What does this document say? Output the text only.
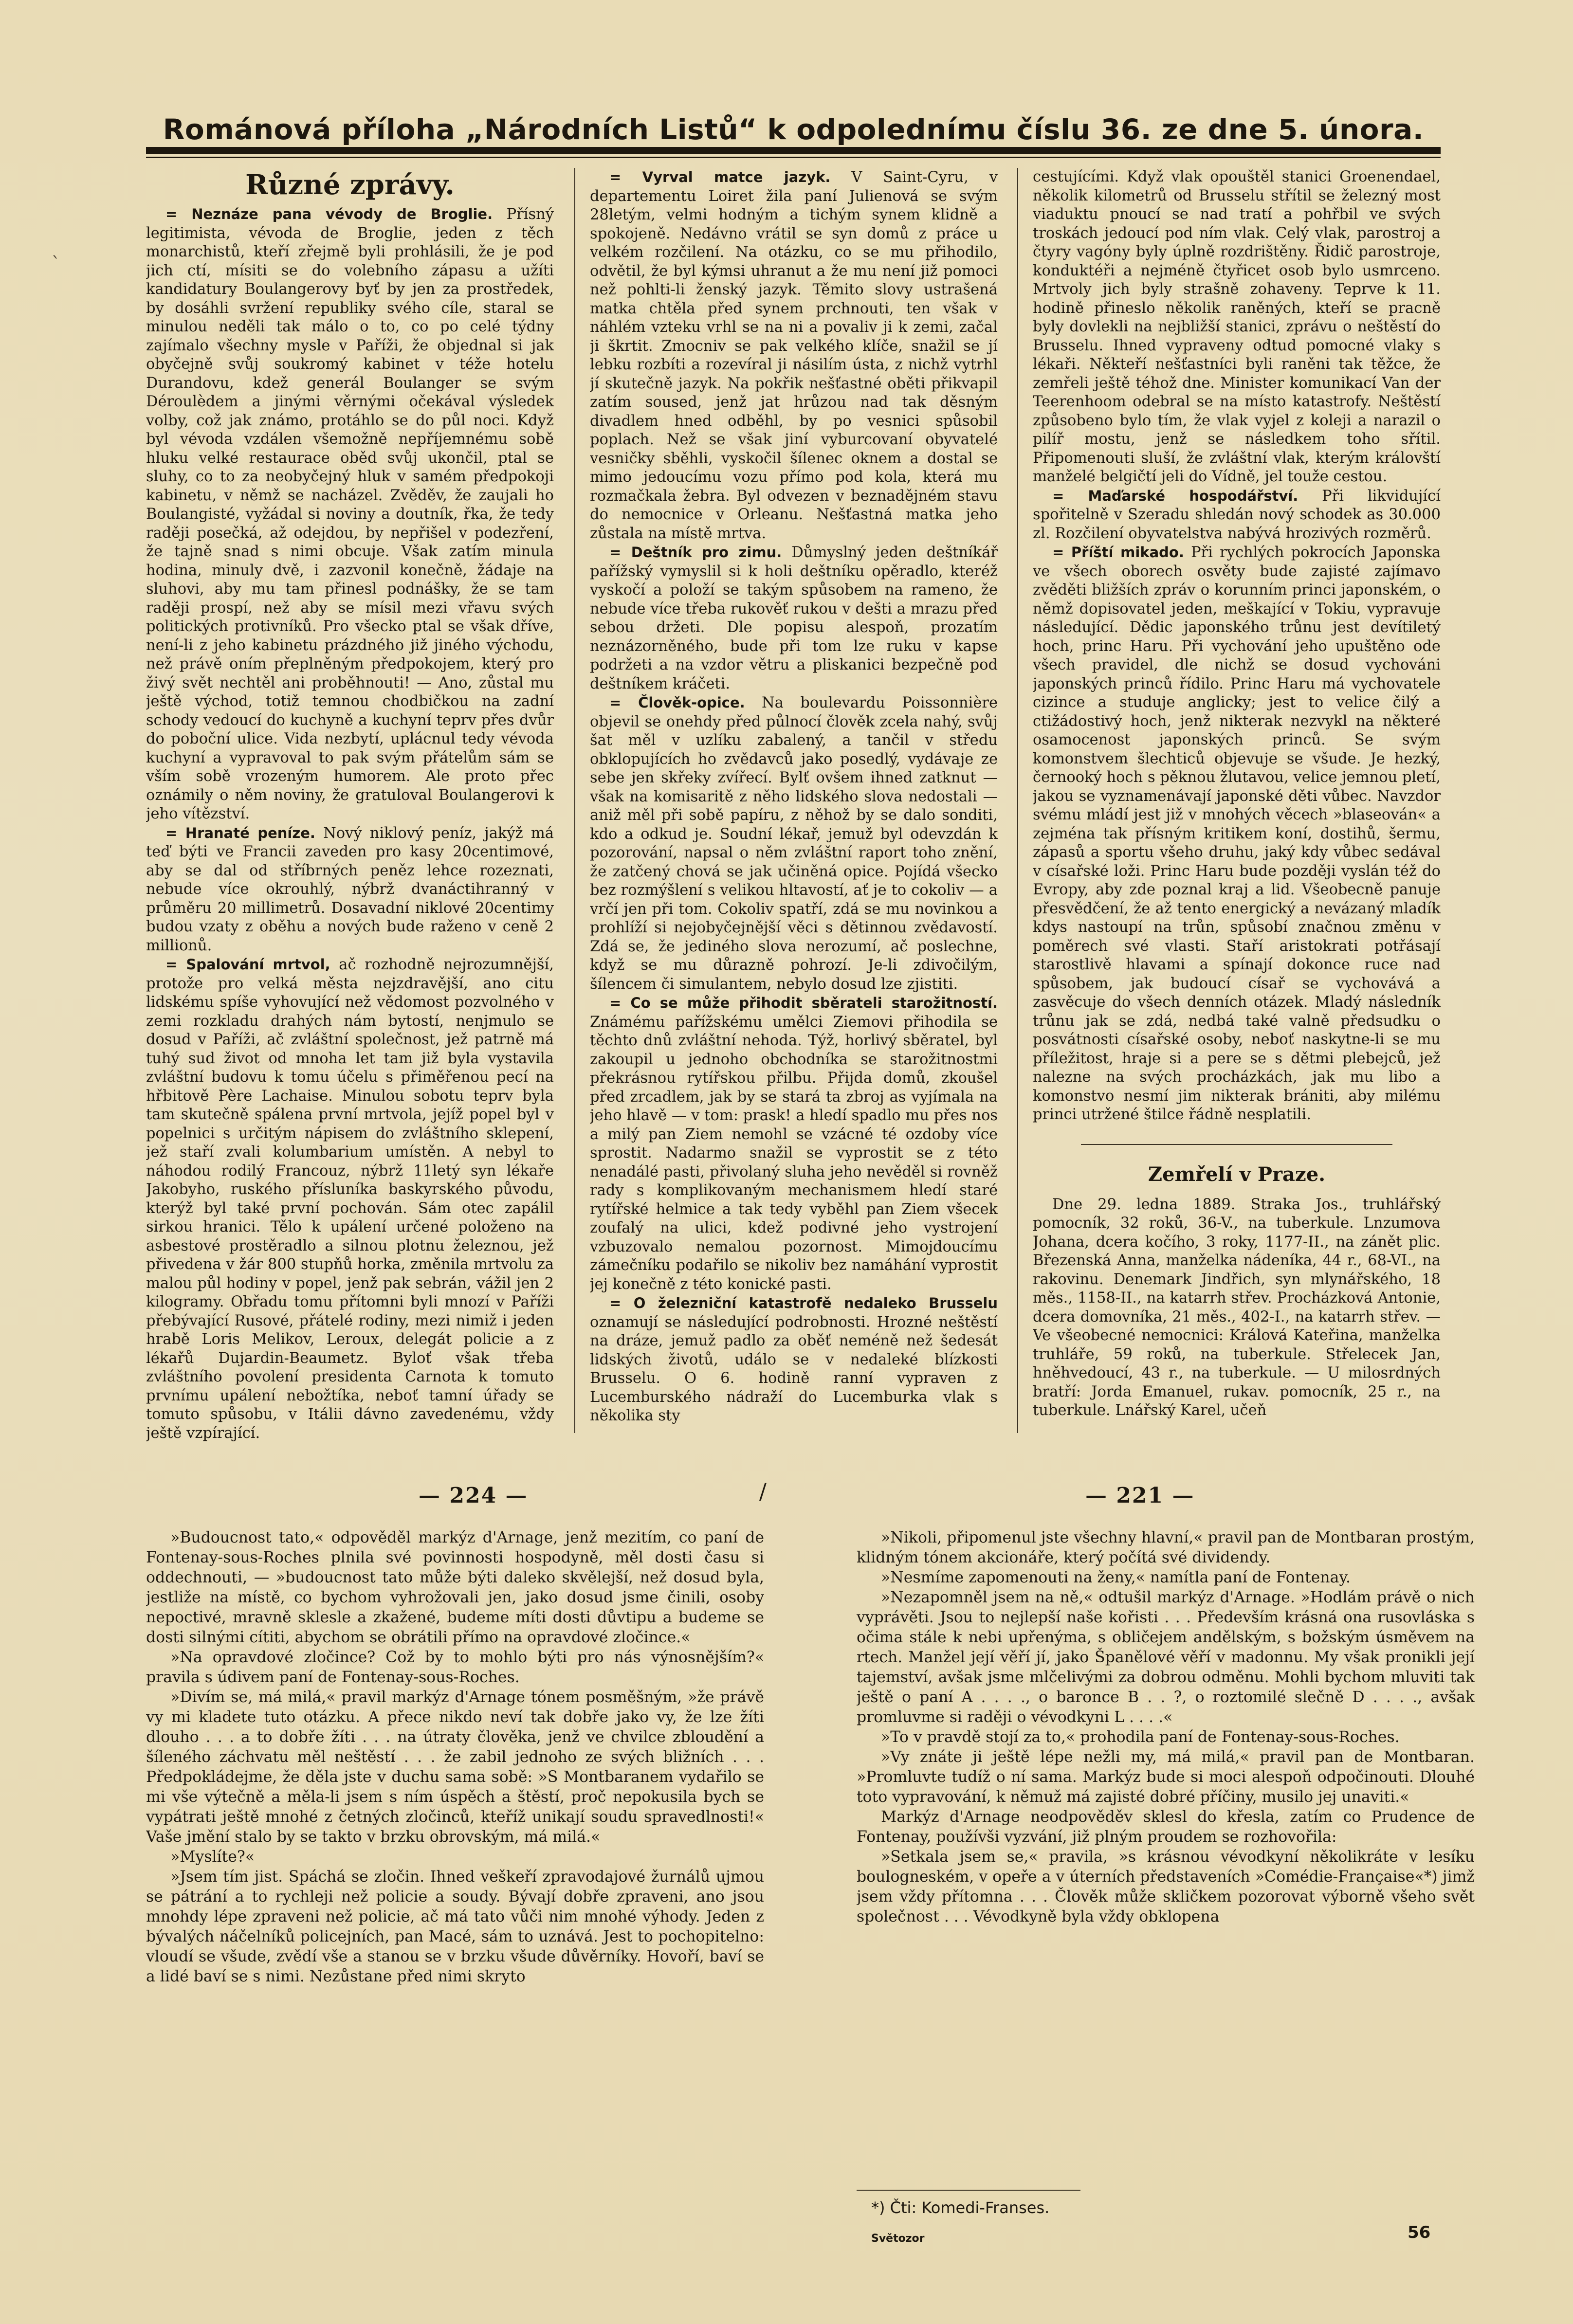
Románová příloha „Národních Listů“ k odpolednímu číslu 36. ze dne 5. února.
`
Různé zprávy.

= Neznáze pana vévody de Broglie. Přísný legitimista, vévoda de Broglie, jeden z těch monarchistů, kteří zřejmě byli prohlásili, že je pod jich ctí, mísiti se do volebního zápasu a užíti kandidatury Boulangerovy byť by jen za prostředek, by dosáhli svržení republiky svého cíle, staral se minulou neděli tak málo o to, co po celé týdny zajímalo všechny mysle v Paříži, že objednal si jak obyčejně svůj soukromý kabinet v téže hotelu Durandovu, kdež generál Boulanger se svým Déroulèdem a jinými věrnými očekával výsledek volby, což jak známo, protáhlo se do půl noci. Když byl vévoda vzdálen všemožně nepříjemnému sobě hluku velké restaurace oběd svůj ukončil, ptal se sluhy, co to za neobyčejný hluk v samém předpokoji kabinetu, v němž se nacházel. Zvěděv, že zaujali ho Boulangisté, vyžádal si noviny a doutník, řka, že tedy raději posečká, až odejdou, by nepřišel v podezření, že tajně snad s nimi obcuje. Však zatím minula hodina, minuly dvě, i zazvonil konečně, žádaje na sluhovi, aby mu tam přinesl podnášky, že se tam raději prospí, než aby se mísil mezi vřavu svých politických protivníků. Pro všecko ptal se však dříve, není-li z jeho kabinetu prázdného již jiného východu, než právě oním přeplněným předpokojem, který pro živý svět nechtěl ani proběhnouti! — Ano, zůstal mu ještě východ, totiž temnou chodbičkou na zadní schody vedoucí do kuchyně a kuchyní teprv přes dvůr do poboční ulice. Vida nezbytí, uplácnul tedy vévoda kuchyní a vypravoval to pak svým přátelům sám se vším sobě vrozeným humorem. Ale proto přec oznámily o něm noviny, že gratuloval Boulangerovi k jeho vítězství.

= Hranaté peníze. Nový niklový peníz, jakýž má teď býti ve Francii zaveden pro kasy 20centimové, aby se dal od stříbrných peněz lehce rozeznati, nebude více okrouhlý, nýbrž dvanáctihranný v průměru 20 millimetrů. Dosavadní niklové 20centimy budou vzaty z oběhu a nových bude raženo v ceně 2 millionů.

= Spalování mrtvol, ač rozhodně nejrozumnější, protože pro velká města nejzdravější, ano citu lidskému spíše vyhovující než vědomost pozvolného v zemi rozkladu drahých nám bytostí, nenjmulo se dosud v Paříži, ač zvláštní společnost, jež patrně má tuhý sud život od mnoha let tam již byla vystavila zvláštní budovu k tomu účelu s přiměřenou pecí na hřbitově Père Lachaise. Minulou sobotu teprv byla tam skutečně spálena první mrtvola, jejíž popel byl v popelnici s určitým nápisem do zvláštního sklepení, jež staří zvali kolumbarium umístěn. A nebyl to náhodou rodilý Francouz, nýbrž 11letý syn lékaře Jakobyho, ruského přísluníka baskyrského původu, kterýž byl také první pochován. Sám otec zapálil sirkou hranici. Tělo k upálení určené položeno na asbestové prostěradlo a silnou plotnu železnou, jež přivedena v žár 800 stupňů horka, změnila mrtvolu za malou půl hodiny v popel, jenž pak sebrán, vážil jen 2 kilogramy. Obřadu tomu přítomni byli mnozí v Paříži přebývající Rusové, přátelé rodiny, mezi nimiž i jeden hrabě Loris Melikov, Leroux, delegát policie a z lékařů Dujardin-Beaumetz. Byloť však třeba zvláštního povolení presidenta Carnota k tomuto prvnímu upálení nebožtíka, neboť tamní úřady se tomuto spůsobu, v Itálii dávno zavedenému, vždy ještě vzpírající.

= Vyrval matce jazyk. V Saint-Cyru, v departementu Loiret žila paní Julienová se svým 28letým, velmi hodným a tichým synem klidně a spokojeně. Nedávno vrátil se syn domů z práce u velkém rozčilení. Na otázku, co se mu přihodilo, odvětil, že byl kýmsi uhranut a že mu není již pomoci než pohlti-li ženský jazyk. Těmito slovy ustrašená matka chtěla před synem prchnouti, ten však v náhlém vzteku vrhl se na ni a povaliv ji k zemi, začal ji škrtit. Zmocniv se pak velkého klíče, snažil se jí lebku rozbíti a rozevíral ji násilím ústa, z nichž vytrhl jí skutečně jazyk. Na pokřik nešťastné oběti přikvapil zatím soused, jenž jat hrůzou nad tak děsným divadlem hned odběhl, by po vesnici spůsobil poplach. Než se však jiní vyburcovaní obyvatelé vesničky sběhli, vyskočil šílenec oknem a dostal se mimo jedoucímu vozu přímo pod kola, která mu rozmačkala žebra. Byl odvezen v beznadějném stavu do nemocnice v Orleanu. Nešťastná matka jeho zůstala na místě mrtva.

= Deštník pro zimu. Důmyslný jeden deštníkář pařížský vymyslil si k holi deštníku opěradlo, kteréž vyskočí a položí se takým spůsobem na rameno, že nebude více třeba rukověť rukou v dešti a mrazu před sebou držeti. Dle popisu alespoň, prozatím neznázorněného, bude při tom lze ruku v kapse podržeti a na vzdor větru a pliskanici bezpečně pod deštníkem kráčeti.

= Člověk-opice. Na boulevardu Poissonnière objevil se onehdy před půlnocí člověk zcela nahý, svůj šat měl v uzlíku zabalený, a tančil v středu obklopujících ho zvědavců jako posedlý, vydávaje ze sebe jen skřeky zvířecí. Bylť ovšem ihned zatknut — však na komisaritě z něho lidského slova nedostali — aniž měl při sobě papíru, z něhož by se dalo sonditi, kdo a odkud je. Soudní lékař, jemuž byl odevzdán k pozorování, napsal o něm zvláštní raport toho znění, že zatčený chová se jak učiněná opice. Pojídá všecko bez rozmýšlení s velikou hltavostí, ať je to cokoliv — a vrčí jen při tom. Cokoliv spatří, zdá se mu novinkou a prohlíží si nejobyčejnější věci s dětinnou zvědavostí. Zdá se, že jediného slova nerozumí, ač poslechne, když se mu důrazně pohrozí. Je-li zdivočilým, šílencem či simulantem, nebylo dosud lze zjistiti.

= Co se může přihodit sběrateli starožitností. Známému pařížskému umělci Ziemovi přihodila se těchto dnů zvláštní nehoda. Týž, horlivý sběratel, byl zakoupil u jednoho obchodníka se starožitnostmi překrásnou rytířskou přilbu. Přijda domů, zkoušel před zrcadlem, jak by se stará ta zbroj as vyjímala na jeho hlavě — v tom: prask! a hledí spadlo mu přes nos a milý pan Ziem nemohl se vzácné té ozdoby více sprostit. Nadarmo snažil se vyprostit se z této nenadálé pasti, přivolaný sluha jeho nevěděl si rovněž rady s komplikovaným mechanismem hledí staré rytířské helmice a tak tedy vyběhl pan Ziem všecek zoufalý na ulici, kdež podivné jeho vystrojení vzbuzovalo nemalou pozornost. Mimojdoucímu zámečníku podařilo se nikoliv bez namáhání vyprostit jej konečně z této konické pasti.

= O železniční katastrofě nedaleko Brusselu oznamují se následující podrobnosti. Hrozné neštěstí na dráze, jemuž padlo za oběť neméně než šedesát lidských životů, událo se v nedaleké blízkosti Brusselu. O 6. hodině ranní vypraven z Lucemburského nádraží do Lucemburka vlak s několika sty

cestujícími. Když vlak opouštěl stanici Groenendael, několik kilometrů od Brusselu střítil se železný most viaduktu pnoucí se nad tratí a pohřbil ve svých troskách jedoucí pod ním vlak. Celý vlak, parostroj a čtyry vagóny byly úplně rozdrištěny. Řidič parostroje, konduktéři a nejméně čtyřicet osob bylo usmrceno. Mrtvoly jich byly strašně zohaveny. Teprve k 11. hodině přineslo několik raněných, kteří se pracně byly dovlekli na nejbližší stanici, zprávu o neštěstí do Brusselu. Ihned vypraveny odtud pomocné vlaky s lékaři. Někteří nešťastníci byli raněni tak těžce, že zemřeli ještě téhož dne. Minister komunikací Van der Teerenhoom odebral se na místo katastrofy. Neštěstí způsobeno bylo tím, že vlak vyjel z koleji a narazil o pilíř mostu, jenž se následkem toho sřítil. Připomenouti sluší, že zvláštní vlak, kterým královští manželé belgičtí jeli do Vídně, jel touže cestou.

= Maďarské hospodářství. Při likvidující spořitelně v Szeradu shledán nový schodek as 30.000 zl. Rozčilení obyvatelstva nabývá hrozivých rozměrů.

= Příští mikado. Při rychlých pokrocích Japonska ve všech oborech osvěty bude zajisté zajímavo zvěděti bližších zpráv o korunním princi japonském, o němž dopisovatel jeden, meškající v Tokiu, vypravuje následující. Dědic japonského trůnu jest devítiletý hoch, princ Haru. Při vychování jeho upuštěno ode všech pravidel, dle nichž se dosud vychováni japonských princů řídilo. Princ Haru má vychovatele cizince a studuje anglicky; jest to velice čilý a ctižádostivý hoch, jenž nikterak nezvykl na některé osamocenost japonských princů. Se svým komonstvem šlechticů objevuje se všude. Je hezký, černooký hoch s pěknou žlutavou, velice jemnou pletí, jakou se vyznamenávají japonské děti vůbec. Navzdor svému mládí jest již v mnohých věcech »blaseován« a zejména tak přísným kritikem koní, dostihů, šermu, zápasů a sportu všeho druhu, jaký kdy vůbec sedával v císařské loži. Princ Haru bude později vyslán též do Evropy, aby zde poznal kraj a lid. Všeobecně panuje přesvědčení, že až tento energický a nevázaný mladík kdys nastoupí na trůn, spůsobí značnou změnu v poměrech své vlasti. Staří aristokrati potřásají starostlivě hlavami a spínají dokonce ruce nad spůsobem, jak budoucí císař se vychovává a zasvěcuje do všech denních otázek. Mladý následník trůnu jak se zdá, nedbá také valně předsudku o posvátnosti císařské osoby, neboť naskytne-li se mu příležitost, hraje si a pere se s dětmi plebejců, jež nalezne na svých procházkách, jak mu libo a komonstvo nesmí jim nikterak brániti, aby milému princi utržené štilce řádně nesplatili.

Zemřelí v Praze.

Dne 29. ledna 1889. Straka Jos., truhlářský pomocník, 32 roků, 36-V., na tuberkule. Lnzumova Johana, dcera kočího, 3 roky, 1177-II., na zánět plic. Březenská Anna, manželka nádeníka, 44 r., 68-VI., na rakovinu. Denemark Jindřich, syn mlynářského, 18 měs., 1158-II., na katarrh střev. Procházková Antonie, dcera domovníka, 21 měs., 402-I., na katarrh střev. — Ve všeobecné nemocnici: Králová Kateřina, manželka truhláře, 59 roků, na tuberkule. Střelecek Jan, hněhvedoucí, 43 r., na tuberkule. — U milosrdných bratří: Jorda Emanuel, rukav. pomocník, 25 r., na tuberkule. Lnářský Karel, učeň

— 224 —	/	— 221 —

»Budoucnost tato,« odpověděl markýz d'Arnage, jenž mezitím, co paní de Fontenay-sous-Roches plnila své povinnosti hospodyně, měl dosti času si oddechnouti, — »budoucnost tato může býti daleko skvělejší, než dosud byla, jestliže na místě, co bychom vyhrožovali jen, jako dosud jsme činili, osoby nepoctivé, mravně sklesle a zkažené, budeme míti dosti důvtipu a budeme se dosti silnými cítiti, abychom se obrátili přímo na opravdové zločince.«

»Na opravdové zločince? Což by to mohlo býti pro nás výnosnějším?« pravila s údivem paní de Fontenay-sous-Roches.

»Divím se, má milá,« pravil markýz d'Arnage tónem posměšným, »že právě vy mi kladete tuto otázku. A přece nikdo neví tak dobře jako vy, že lze žíti dlouho . . . a to dobře žíti . . . na útraty člověka, jenž ve chvilce zbloudění a šíleného záchvatu měl neštěstí . . . že zabil jednoho ze svých bližních . . . Předpokládejme, že děla jste v duchu sama sobě: »S Montbaranem vydařilo se mi vše výtečně a měla-li jsem s ním úspěch a štěstí, proč nepokusila bych se vypátrati ještě mnohé z četných zločinců, kteříž unikají soudu spravedlnosti!« Vaše jmění stalo by se takto v brzku obrovským, má milá.«

»Myslíte?«

»Jsem tím jist. Spáchá se zločin. Ihned veškeří zpravodajové žurnálů ujmou se pátrání a to rychleji než policie a soudy. Bývají dobře zpraveni, ano jsou mnohdy lépe zpraveni než policie, ač má tato vůči nim mnohé výhody. Jeden z bývalých náčelníků policejních, pan Macé, sám to uznává. Jest to pochopitelno: vloudí se všude, zvědí vše a stanou se v brzku všude důvěrníky. Hovoří, baví se a lidé baví se s nimi. Nezůstane před nimi skryto

»Nikoli, připomenul jste všechny hlavní,« pravil pan de Montbaran prostým, klidným tónem akcionáře, který počítá své dividendy.

»Nesmíme zapomenouti na ženy,« namítla paní de Fontenay.

»Nezapomněl jsem na ně,« odtušil markýz d'Arnage. »Hodlám právě o nich vyprávěti. Jsou to nejlepší naše kořisti . . . Především krásná ona rusovláska s očima stále k nebi upřenýma, s obličejem andělským, s božským úsměvem na rtech. Manžel její věří jí, jako Španělové věří v madonnu. My však pronikli její tajemství, avšak jsme mlčelivými za dobrou odměnu. Mohli bychom mluviti tak ještě o paní A . . . ., o baronce B . . ?, o roztomilé slečně D . . . ., avšak promluvme si raději o vévodkyni L . . . .«

»To v pravdě stojí za to,« prohodila paní de Fontenay-sous-Roches.

»Vy znáte ji ještě lépe nežli my, má milá,« pravil pan de Montbaran. »Promluvte tudíž o ní sama. Markýz bude si moci alespoň odpočinouti. Dlouhé toto vypravování, k němuž má zajisté dobré příčiny, musilo jej unaviti.«

Markýz d'Arnage neodpověděv sklesl do křesla, zatím co Prudence de Fontenay, používši vyzvání, již plným proudem se rozhovořila:

»Setkala jsem se,« pravila, »s krásnou vévodkyní několikráte v lesíku boulogneském, v opeře a v úterních představeních »Comédie-Française«*) jimž jsem vždy přítomna . . . Člověk může skličkem pozorovat výborně všeho svět společnost . . . Vévodkyně byla vždy obklopena

*) Čti: Komedi-Franses.
Světozor	56
